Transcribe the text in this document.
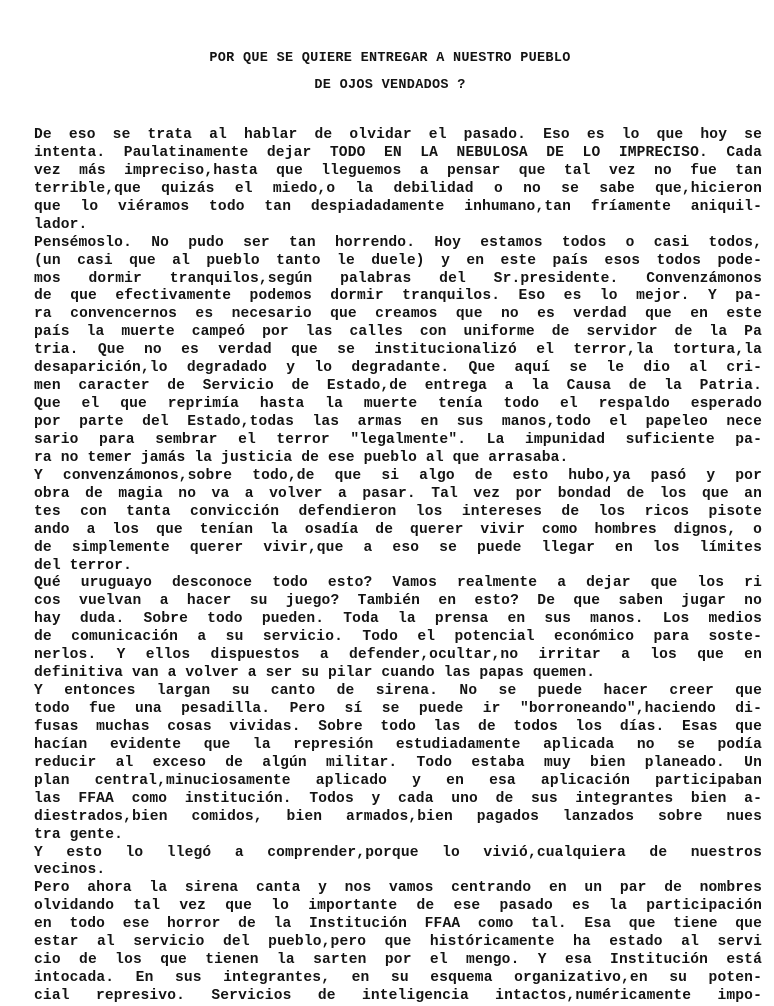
POR QUE SE QUIERE ENTREGAR A NUESTRO PUEBLO
DE OJOS VENDADOS ?
De eso se trata al hablar de olvidar el pasado. Eso es lo que hoy se
intenta. Paulatinamente dejar TODO EN LA NEBULOSA DE LO IMPRECISO. Cada
vez más impreciso,hasta que lleguemos a pensar que tal vez no fue tan
terrible,que quizás el miedo,o la debilidad o no se sabe que,hicieron
que lo viéramos todo tan despiadadamente inhumano,tan fríamente aniquil-
lador.
Pensémoslo. No pudo ser tan horrendo. Hoy estamos todos o casi todos,
(un casi que al pueblo tanto le duele) y en este país esos todos pode-
mos dormir tranquilos,según palabras del Sr.presidente. Convenzámonos
de que efectivamente podemos dormir tranquilos. Eso es lo mejor. Y pa-
ra convencernos es necesario que creamos que no es verdad que en este
país la muerte campeó por las calles con uniforme de servidor de la Pa
tria. Que no es verdad que se institucionalizó el terror,la tortura,la
desaparición,lo degradado y lo degradante. Que aquí se le dio al cri-
men caracter de Servicio de Estado,de entrega a la Causa de la Patria.
Que el que reprimía hasta la muerte tenía todo el respaldo esperado
por parte del Estado,todas las armas en sus manos,todo el papeleo nece
sario para sembrar el terror "legalmente". La impunidad suficiente pa-
ra no temer jamás la justicia de ese pueblo al que arrasaba.
Y convenzámonos,sobre todo,de que si algo de esto hubo,ya pasó y por
obra de magia no va a volver a pasar. Tal vez por bondad de los que an
tes con tanta convicción defendieron los intereses de los ricos pisote
ando a los que tenían la osadía de querer vivir como hombres dignos, o
de simplemente querer vivir,que a eso se puede llegar en los límites
del terror.
Qué uruguayo desconoce todo esto? Vamos realmente a dejar que los ri
cos vuelvan a hacer su juego? También en esto? De que saben jugar no
hay duda. Sobre todo pueden. Toda la prensa en sus manos. Los medios
de comunicación a su servicio. Todo el potencial económico para soste-
nerlos. Y ellos dispuestos a defender,ocultar,no irritar a los que en
definitiva van a volver a ser su pilar cuando las papas quemen.
Y entonces largan su canto de sirena. No se puede hacer creer que
todo fue una pesadilla. Pero sí se puede ir "borroneando",haciendo di-
fusas muchas cosas vividas. Sobre todo las de todos los días. Esas que
hacían evidente que la represión estudiadamente aplicada no se podía
reducir al exceso de algún militar. Todo estaba muy bien planeado. Un
plan central,minuciosamente aplicado y en esa aplicación participaban
las FFAA como institución. Todos y cada uno de sus integrantes bien a-
diestrados,bien comidos, bien armados,bien pagados lanzados sobre nues
tra gente.
Y esto lo llegó a comprender,porque lo vivió,cualquiera de nuestros
vecinos.
Pero ahora la sirena canta y nos vamos centrando en un par de nombres
olvidando tal vez que lo importante de ese pasado es la participación
en todo ese horror de la Institución FFAA como tal. Esa que tiene que
estar al servicio del pueblo,pero que históricamente ha estado al servi
cio de los que tienen la sarten por el mengo. Y esa Institución está
intocada. En sus integrantes, en su esquema organizativo,en su poten-
cial represivo. Servicios de inteligencia intactos,numéricamente impo-
